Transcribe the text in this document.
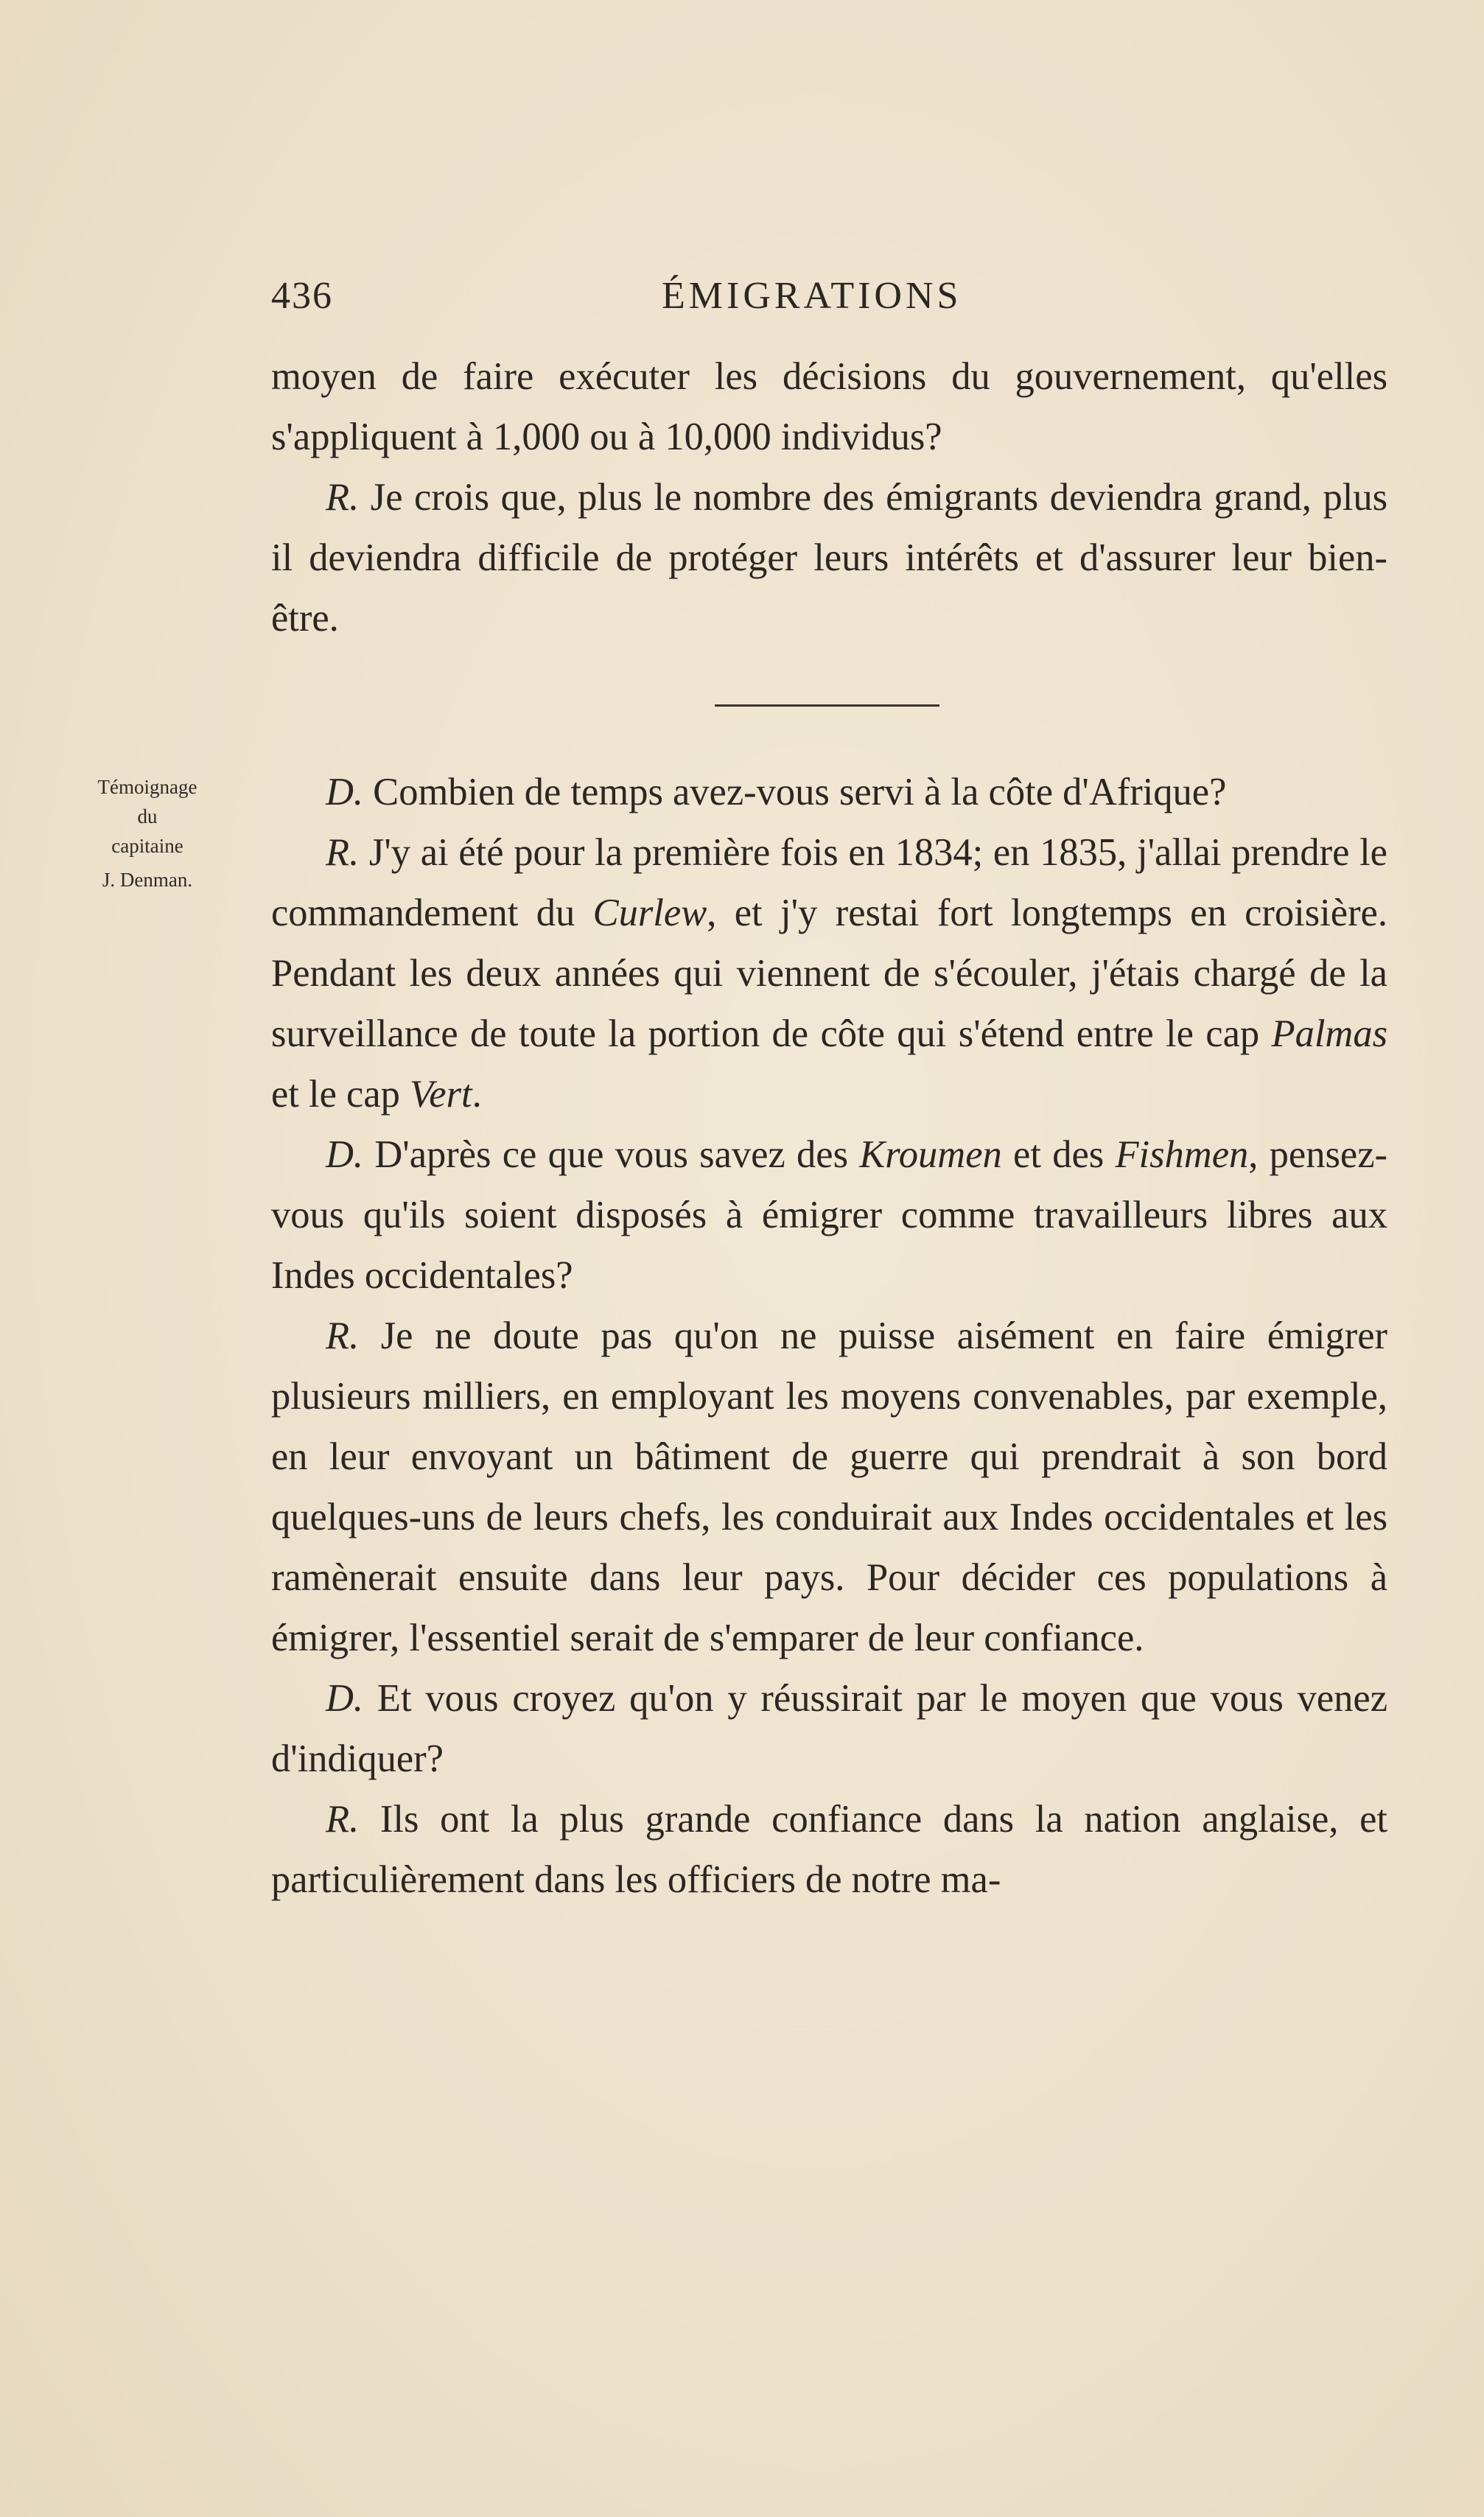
436	ÉMIGRATIONS

moyen de faire exécuter les décisions du gouvernement, qu'elles s'appliquent à 1,000 ou à 10,000 individus?

R. Je crois que, plus le nombre des émigrants deviendra grand, plus il deviendra difficile de protéger leurs intérêts et d'assurer leur bien-être.

Témoignage
du
capitaine
J. Denman.

D. Combien de temps avez-vous servi à la côte d'Afrique?

R. J'y ai été pour la première fois en 1834; en 1835, j'allai prendre le commandement du Curlew, et j'y restai fort longtemps en croisière. Pendant les deux années qui viennent de s'écouler, j'étais chargé de la surveillance de toute la portion de côte qui s'étend entre le cap Palmas et le cap Vert.

D. D'après ce que vous savez des Kroumen et des Fishmen, pensez-vous qu'ils soient disposés à émigrer comme travailleurs libres aux Indes occidentales?

R. Je ne doute pas qu'on ne puisse aisément en faire émigrer plusieurs milliers, en employant les moyens convenables, par exemple, en leur envoyant un bâtiment de guerre qui prendrait à son bord quelques-uns de leurs chefs, les conduirait aux Indes occidentales et les ramènerait ensuite dans leur pays. Pour décider ces populations à émigrer, l'essentiel serait de s'emparer de leur confiance.

D. Et vous croyez qu'on y réussirait par le moyen que vous venez d'indiquer?

R. Ils ont la plus grande confiance dans la nation anglaise, et particulièrement dans les officiers de notre ma-
